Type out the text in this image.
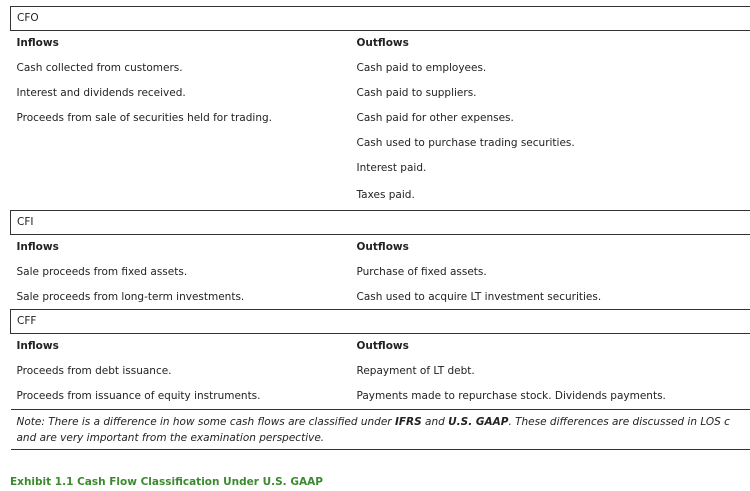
CFO	
Inflows	Outflows
Cash collected from customers.	Cash paid to employees.
Interest and dividends received.	Cash paid to suppliers.
Proceeds from sale of securities held for trading.	Cash paid for other expenses.
	Cash used to purchase trading securities.
	Interest paid.
	Taxes paid.
CFI	
Inflows	Outflows
Sale proceeds from fixed assets.	Purchase of fixed assets.
Sale proceeds from long-term investments.	Cash used to acquire LT investment securities.
CFF	
Inflows	Outflows
Proceeds from debt issuance.	Repayment of LT debt.
Proceeds from issuance of equity instruments.	Payments made to repurchase stock. Dividends payments.
Note: There is a difference in how some cash flows are classified under IFRS and U.S. GAAP. These differences are discussed in LOS c and are very important from the examination perspective.	
Exhibit 1.1 Cash Flow Classification Under U.S. GAAP
